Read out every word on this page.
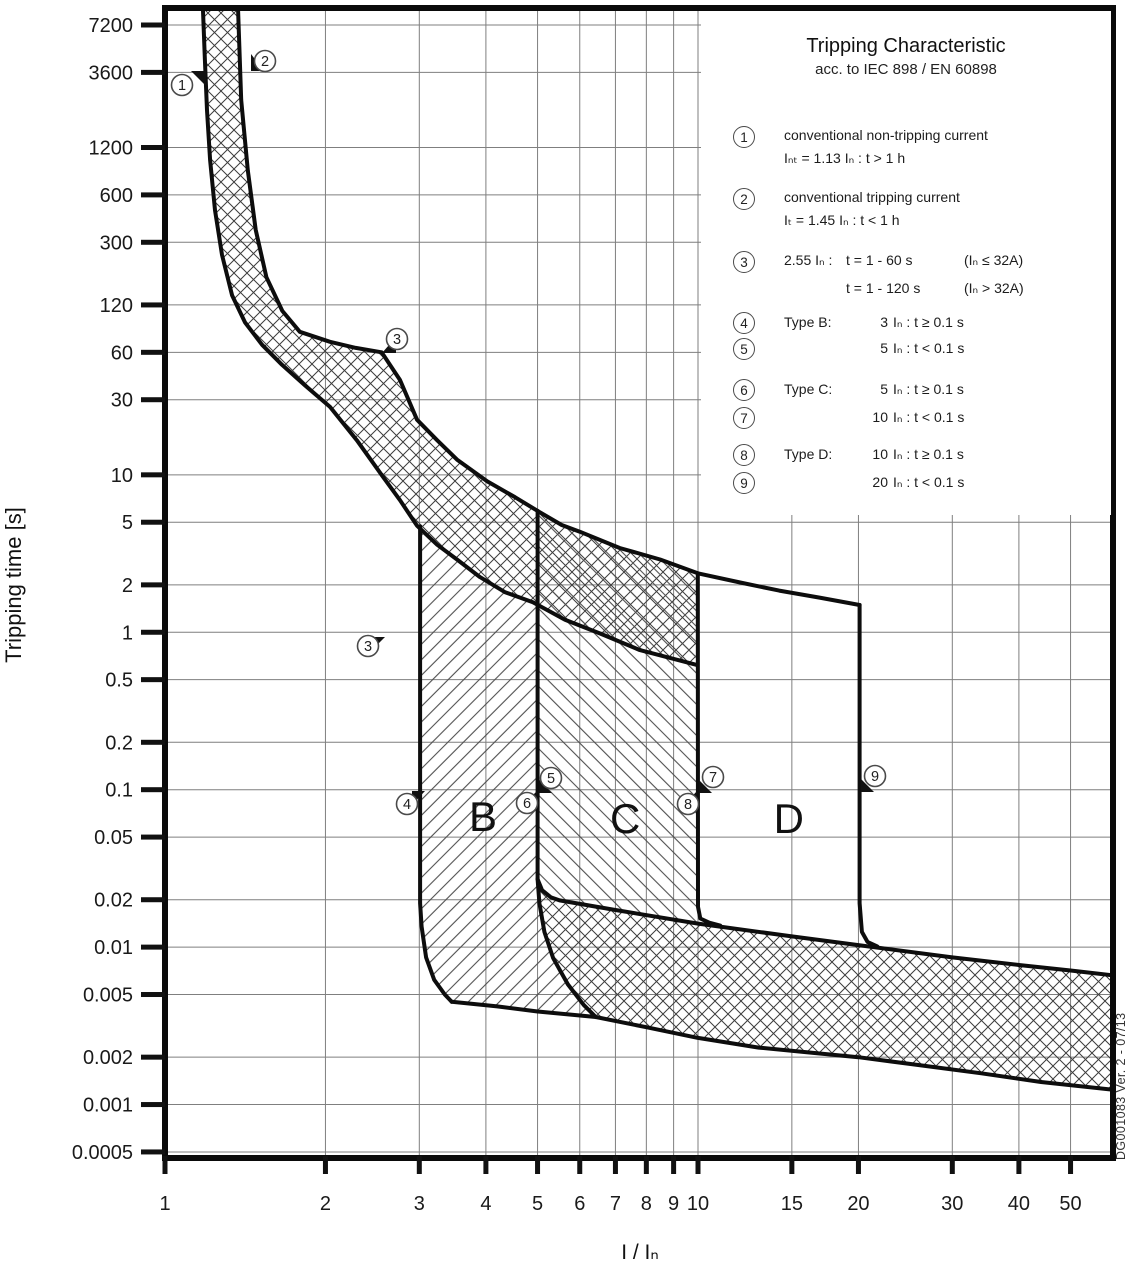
7200
3600
1200
600
300
120
60
30
10
5
2
1
0.5
0.2
0.1
0.05
0.02
0.01
0.005
0.002
0.001
0.0005
1	2	3	4 5 6 7 8 9 10	15 20	30 40 50
B	C	D
1
2
3
3
4
5
6
7
8
9
Tripping time [s]
I / Iₙ
DG001083 Ver. 2 - 07/13
Tripping Characteristic
acc. to IEC 898 / EN 60898
1	conventional non-tripping current
Iₙₜ = 1.13 Iₙ : t > 1 h
2	conventional tripping current
Iₜ = 1.45 Iₙ : t < 1 h
3	2.55 Iₙ : t = 1 - 60 s	(Iₙ ≤ 32A)
t = 1 - 120 s	(Iₙ > 32A)
4	Type B:	3 Iₙ : t ≥ 0.1 s
5	5 Iₙ : t < 0.1 s
6	Type C:	5 Iₙ : t ≥ 0.1 s
7	10 Iₙ : t < 0.1 s
8	Type D:	10 Iₙ : t ≥ 0.1 s
9	20 Iₙ : t < 0.1 s
